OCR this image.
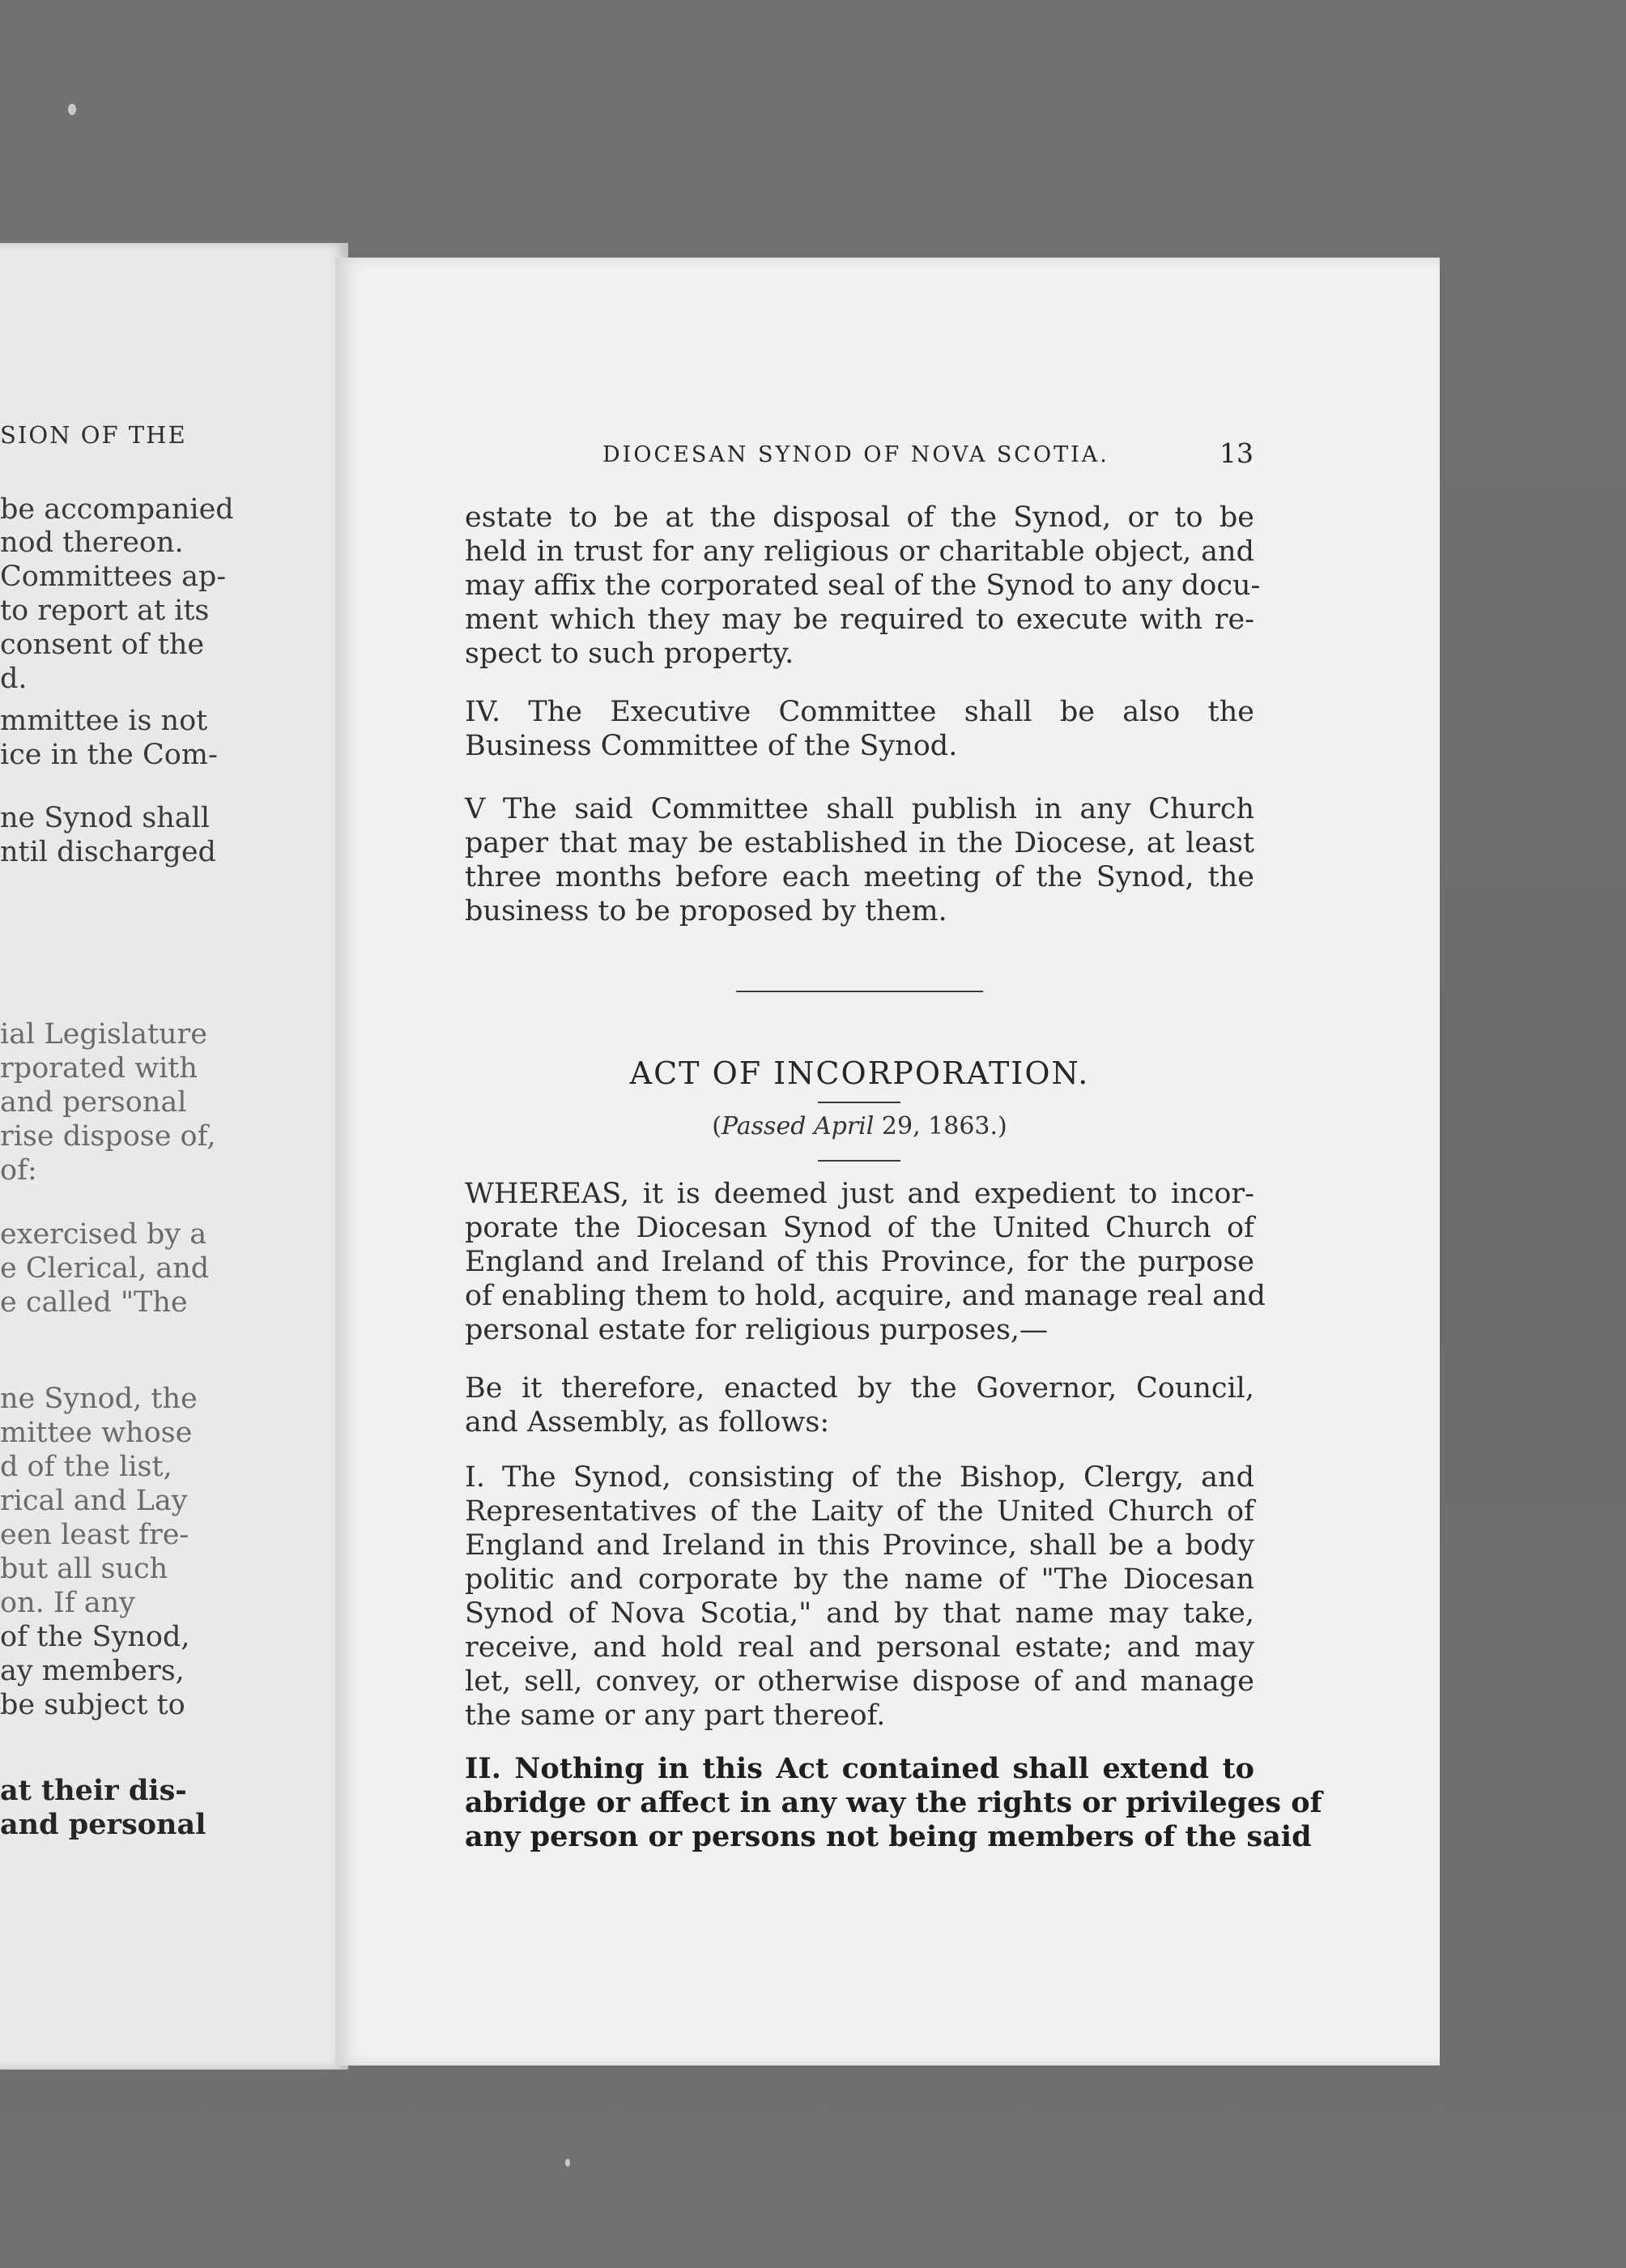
SION OF THE
be accompanied
nod thereon.
Committees ap-
to report at its
consent of the
d.
mmittee is not
ice in the Com-
ne Synod shall
ntil discharged
ial Legislature
rporated with
and personal
rise dispose of,
of:
exercised by a
e Clerical, and
e called "The
ne Synod, the
mittee whose
d of the list,
rical and Lay
een least fre-
but all such
on. If any
of the Synod,
ay members,
be subject to
at their dis-
and personal
DIOCESAN SYNOD OF NOVA SCOTIA.	13
estate to be at the disposal of the Synod, or to be
held in trust for any religious or charitable object, and
may affix the corporated seal of the Synod to any docu-
ment which they may be required to execute with re-
spect to such property.
IV. The Executive Committee shall be also the
Business Committee of the Synod.
V The said Committee shall publish in any Church
paper that may be established in the Diocese, at least
three months before each meeting of the Synod, the
business to be proposed by them.
ACT OF INCORPORATION.
(Passed April 29, 1863.)
WHEREAS, it is deemed just and expedient to incor-
porate the Diocesan Synod of the United Church of
England and Ireland of this Province, for the purpose
of enabling them to hold, acquire, and manage real and
personal estate for religious purposes,—
Be it therefore, enacted by the Governor, Council,
and Assembly, as follows:
I. The Synod, consisting of the Bishop, Clergy, and
Representatives of the Laity of the United Church of
England and Ireland in this Province, shall be a body
politic and corporate by the name of "The Diocesan
Synod of Nova Scotia," and by that name may take,
receive, and hold real and personal estate; and may
let, sell, convey, or otherwise dispose of and manage
the same or any part thereof.
II. Nothing in this Act contained shall extend to
abridge or affect in any way the rights or privileges of
any person or persons not being members of the said
